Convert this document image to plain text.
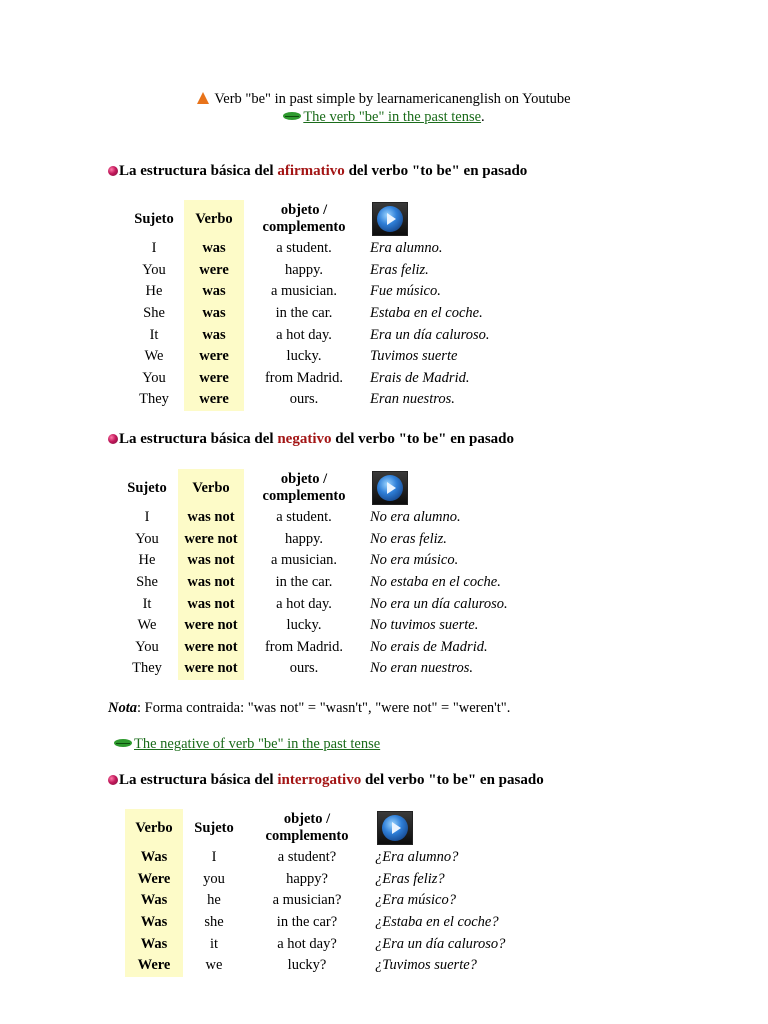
Verb "be" in past simple by learnamericanenglish on Youtube
The verb "be" in the past tense.
La estructura básica del afirmativo del verbo "to be" en pasado
Sujeto	Verbo	objeto /
complemento	

I	was	a student.	Era alumno.
You	were	happy.	Eras feliz.
He	was	a musician.	Fue músico.
She	was	in the car.	Estaba en el coche.
It	was	a hot day.	Era un día caluroso.
We	were	lucky.	Tuvimos suerte
You	were	from Madrid.	Erais de Madrid.
They	were	ours.	Eran nuestros.
La estructura básica del negativo del verbo "to be" en pasado
Sujeto	Verbo	objeto /
complemento	

I	was not	a student.	No era alumno.
You	were not	happy.	No eras feliz.
He	was not	a musician.	No era músico.
She	was not	in the car.	No estaba en el coche.
It	was not	a hot day.	No era un día caluroso.
We	were not	lucky.	No tuvimos suerte.
You	were not	from Madrid.	No erais de Madrid.
They	were not	ours.	No eran nuestros.
Nota: Forma contraida: "was not" = "wasn't", "were not" = "weren't".
The negative of verb "be" in the past tense
La estructura básica del interrogativo del verbo "to be" en pasado
Verbo	Sujeto	objeto /
complemento	

Was	I	a student?	¿Era alumno?
Were	you	happy?	¿Eras feliz?
Was	he	a musician?	¿Era músico?
Was	she	in the car?	¿Estaba en el coche?
Was	it	a hot day?	¿Era un día caluroso?
Were	we	lucky?	¿Tuvimos suerte?
